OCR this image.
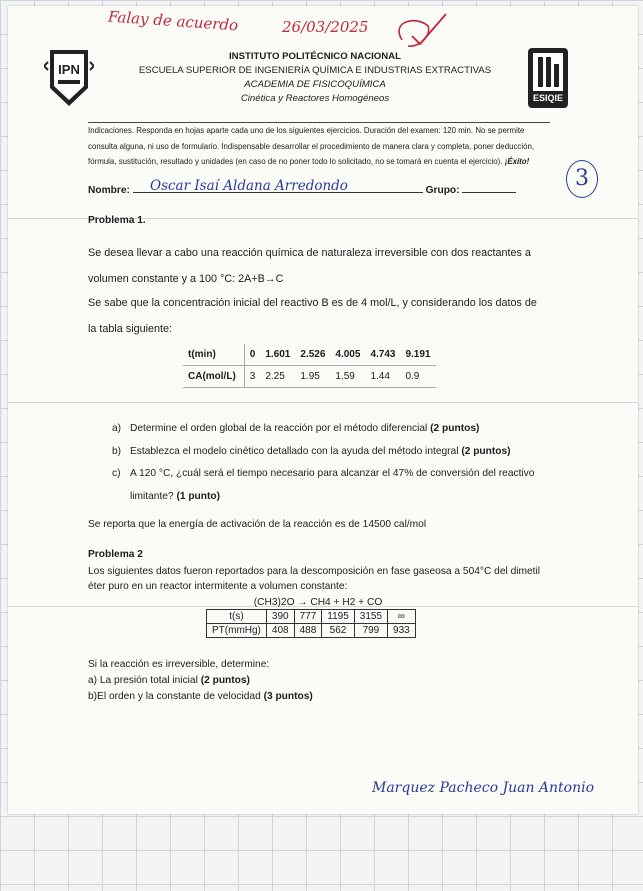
Falay de acuerdo	26/03/2025
IPN
ESIQIE
INSTITUTO POLITÉCNICO NACIONAL
ESCUELA SUPERIOR DE INGENIERÍA QUÍMICA E INDUSTRIAS EXTRACTIVAS
ACADEMIA DE FISICOQUÍMICA
Cinética y Reactores Homogéneos
Indicaciones. Responda en hojas aparte cada uno de los siguientes ejercicios. Duración del examen: 120 min. No se permite consulta alguna, ni uso de formulario. Indispensable desarrollar el procedimiento de manera clara y completa, poner deducción, fórmula, sustitución, resultado y unidades (en caso de no poner todo lo solicitado, no se tomará en cuenta el ejercicio). ¡Éxito!
3
Nombre:	Grupo:
Oscar Isaí Aldana Arredondo
Problema 1.
Se desea llevar a cabo una reacción química de naturaleza irreversible con dos reactantes a volumen constante y a 100 °C: 2A+B→C
Se sabe que la concentración inicial del reactivo B es de 4 mol/L, y considerando los datos de la tabla siguiente:
t(min)	0	1.601	2.526	4.005	4.743	9.191
CA(mol/L)	3	2.25	1.95	1.59	1.44	0.9
a) Determine el orden global de la reacción por el método diferencial (2 puntos)
b) Establezca el modelo cinético detallado con la ayuda del método integral (2 puntos)
c) A 120 °C, ¿cuál será el tiempo necesario para alcanzar el 47% de conversión del reactivo limitante? (1 punto)
Se reporta que la energía de activación de la reacción es de 14500 cal/mol
Problema 2
Los siguientes datos fueron reportados para la descomposición en fase gaseosa a 504°C del dimetil éter puro en un reactor intermitente a volumen constante:
(CH3)2O → CH4 + H2 + CO
t(s)	390	777	1195	3155	∞
PT(mmHg)	408	488	562	799	933
Si la reacción es irreversible, determine:
a) La presión total inicial (2 puntos)
b)El orden y la constante de velocidad (3 puntos)
Marquez Pacheco Juan Antonio
